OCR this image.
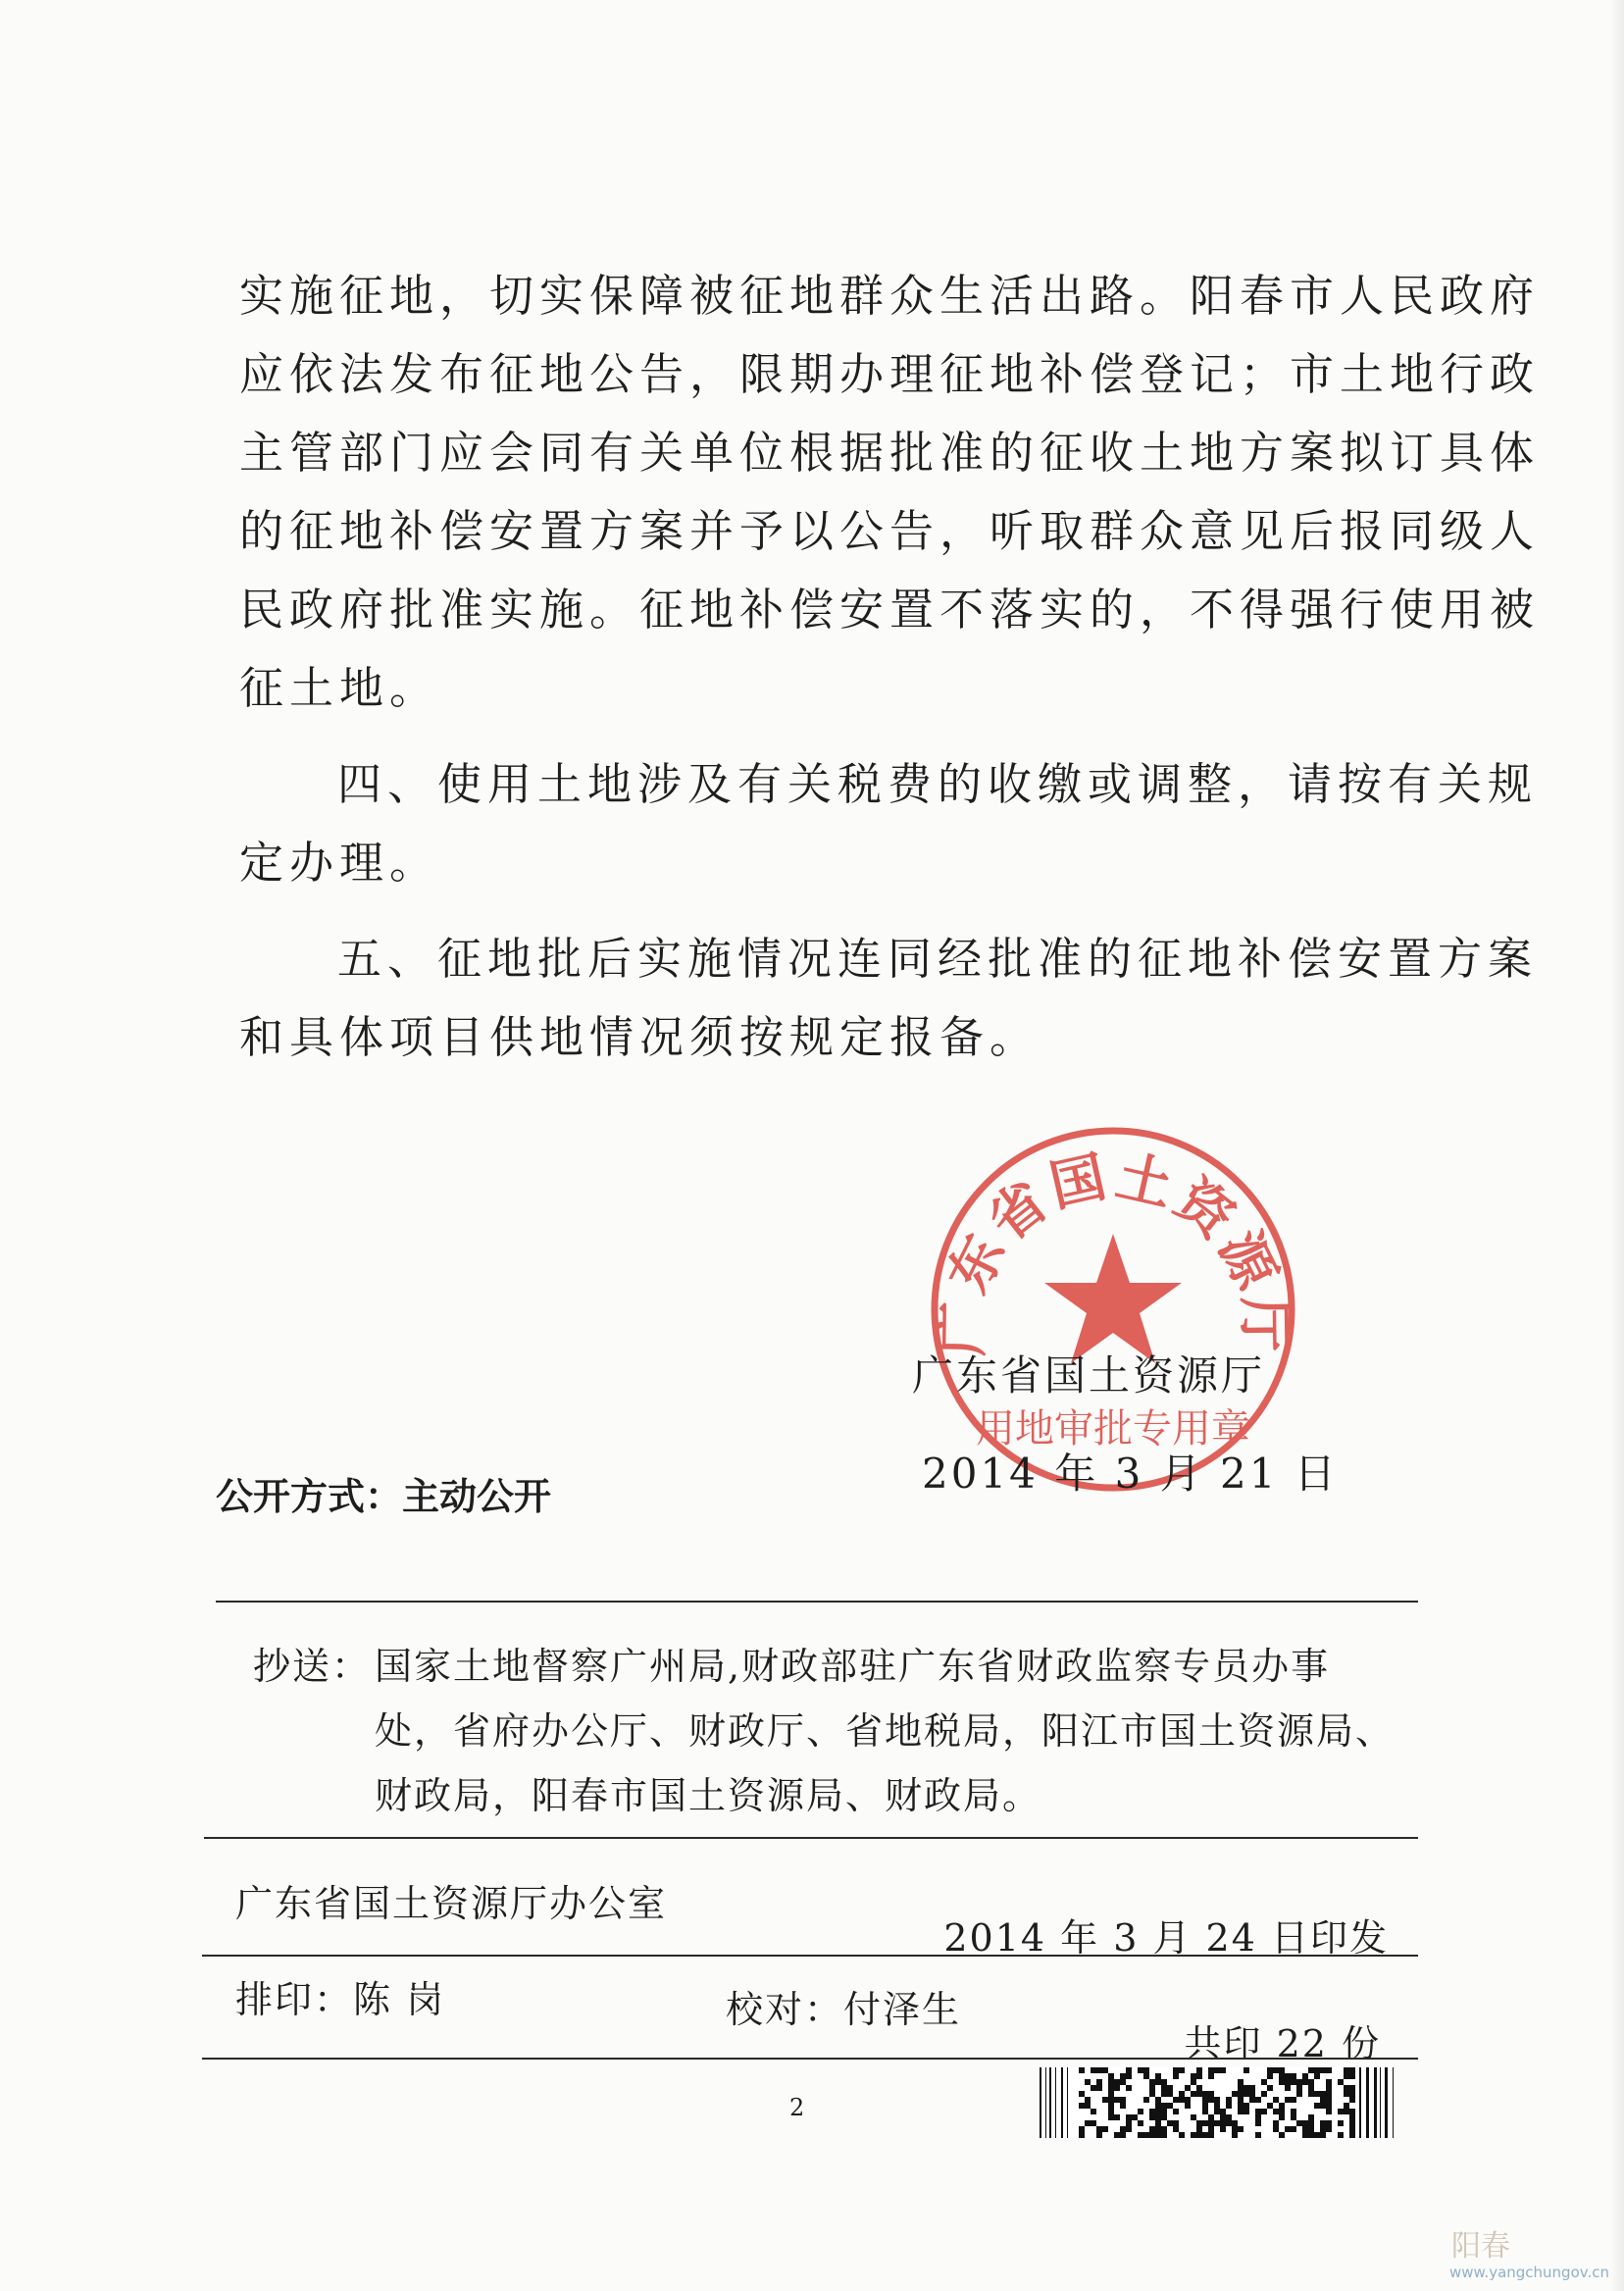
实施征地，切实保障被征地群众生活出路。阳春市人民政府
应依法发布征地公告，限期办理征地补偿登记；市土地行政
主管部门应会同有关单位根据批准的征收土地方案拟订具体
的征地补偿安置方案并予以公告，听取群众意见后报同级人
民政府批准实施。征地补偿安置不落实的，不得强行使用被
征土地。
四、使用土地涉及有关税费的收缴或调整，请按有关规
定办理。
五、征地批后实施情况连同经批准的征地补偿安置方案
和具体项目供地情况须按规定报备。
广东省国土资源厅
用地审批专用章
广东省国土资源厅
2014 年 3 月 21 日
公开方式：主动公开
抄送： 国家土地督察广州局,财政部驻广东省财政监察专员办事
处，省府办公厅、财政厅、省地税局，阳江市国土资源局、
财政局，阳春市国土资源局、财政局。
广东省国土资源厅办公室
2014 年 3 月 24 日印发
排印：陈 岗	校对：付泽生
共印 22 份
2
阳春
www.yangchungov.cn
